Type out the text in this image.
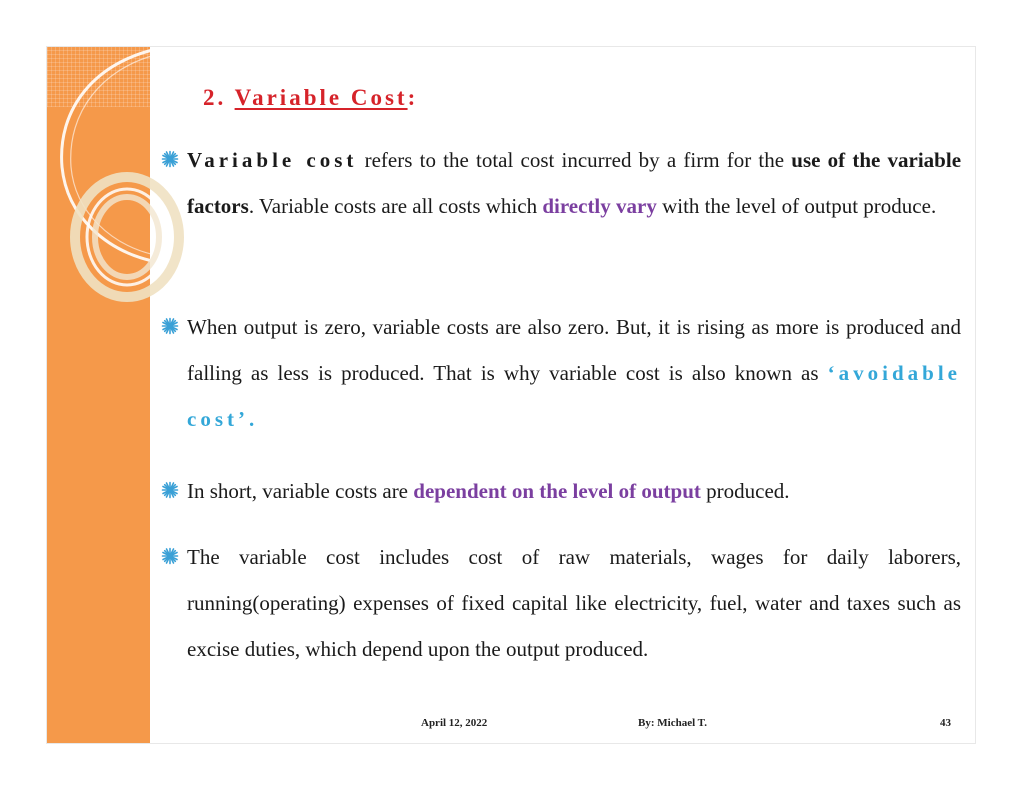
2. Variable Cost:
Variable cost refers to the total cost incurred by a firm for the use of the variable factors. Variable costs are all costs which directly vary with the level of output produce.
When output is zero, variable costs are also zero. But, it is rising as more is produced and falling as less is produced. That is why variable cost is also known as ‘avoidable cost’.
In short, variable costs are dependent on the level of output produced.
The variable cost includes cost of raw materials, wages for daily laborers, running(operating) expenses of fixed capital like electricity, fuel, water and taxes such as excise duties, which depend upon the output produced.
April 12, 2022	By: Michael T.	43
